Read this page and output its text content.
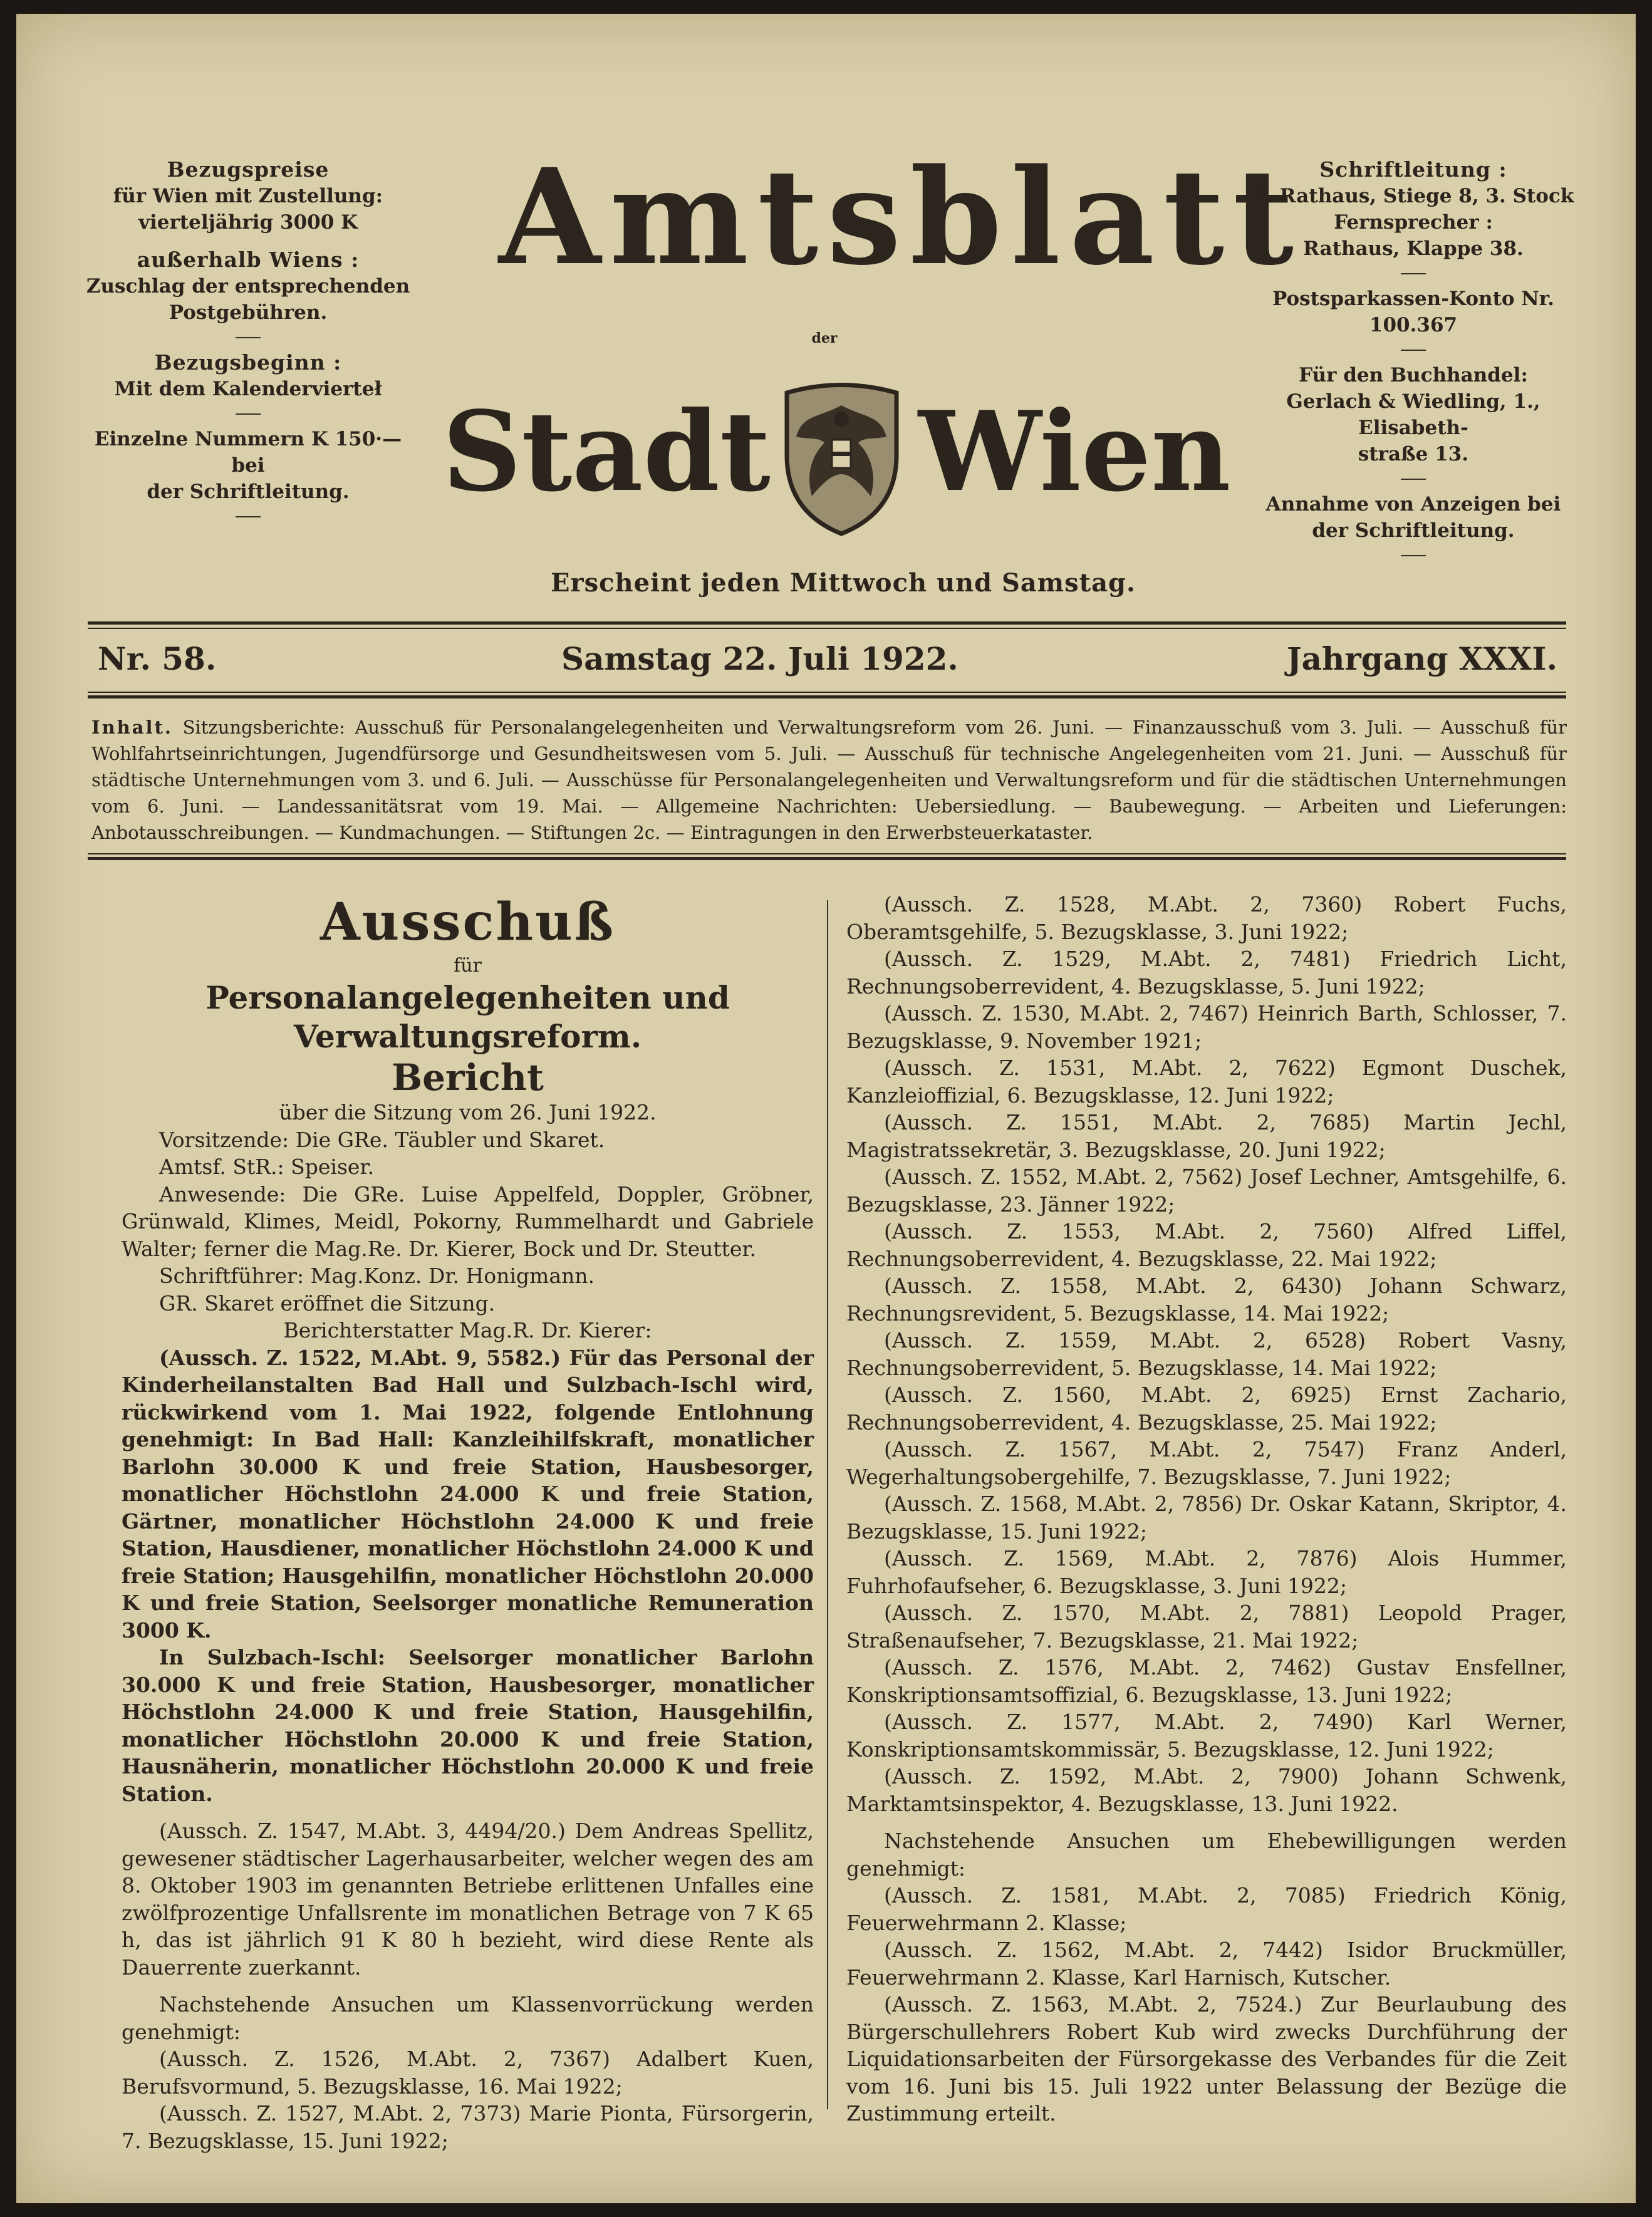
Bezugspreise
für Wien mit Zustellung:
vierteljährig 3000 K
außerhalb Wiens :
Zuschlag der entsprechenden
Postgebühren.
Bezugsbeginn :
Mit dem Kalendervierteł
Einzelne Nummern K 150·— bei
der Schriftleitung.
Amtsblatt
der
Stadt Wien
Erscheint jeden Mittwoch und Samstag.
Schriftleitung :
1. Rathaus, Stiege 8, 3. Stock
Fernsprecher :
Rathaus, Klappe 38.
Postsparkassen-Konto Nr. 100.367
Für den Buchhandel:
Gerlach & Wiedling, 1., Elisabeth-
straße 13.
Annahme von Anzeigen bei
der Schriftleitung.
Nr. 58.	Samstag 22. Juli 1922.	Jahrgang XXXI.
Inhalt. Sitzungsberichte: Ausschuß für Personalangelegenheiten und Verwaltungsreform vom 26. Juni. — Finanzausschuß vom 3. Juli. — Ausschuß für Wohlfahrtseinrichtungen, Jugendfürsorge und Gesundheitswesen vom 5. Juli. — Ausschuß für technische Angelegenheiten vom 21. Juni. — Ausschuß für städtische Unternehmungen vom 3. und 6. Juli. — Ausschüsse für Personalangelegenheiten und Verwaltungsreform und für die städtischen Unternehmungen vom 6. Juni. — Landessanitätsrat vom 19. Mai. — Allgemeine Nachrichten: Uebersiedlung. — Baubewegung. — Arbeiten und Lieferungen: Anbotausschreibungen. — Kundmachungen. — Stiftungen 2c. — Eintragungen in den Erwerbsteuerkataster.
Ausschuß
für
Personalangelegenheiten und Verwaltungsreform.
Bericht

über die Sitzung vom 26. Juni 1922.

Vorsitzende: Die GRe. Täubler und Skaret.

Amtsf. StR.: Speiser.

Anwesende: Die GRe. Luise Appelfeld, Doppler, Gröbner, Grünwald, Klimes, Meidl, Pokorny, Rummelhardt und Gabriele Walter; ferner die Mag.Re. Dr. Kierer, Bock und Dr. Steutter.

Schriftführer: Mag.Konz. Dr. Honigmann.

GR. Skaret eröffnet die Sitzung.

Berichterstatter Mag.R. Dr. Kierer:

(Aussch. Z. 1522, M.Abt. 9, 5582.) Für das Personal der Kinderheilanstalten Bad Hall und Sulzbach-Ischl wird, rückwirkend vom 1. Mai 1922, folgende Entlohnung genehmigt: In Bad Hall: Kanzleihilfskraft, monatlicher Barlohn 30.000 K und freie Station, Hausbesorger, monatlicher Höchstlohn 24.000 K und freie Station, Gärtner, monatlicher Höchstlohn 24.000 K und freie Station, Hausdiener, monatlicher Höchstlohn 24.000 K und freie Station; Hausgehilfin, monatlicher Höchstlohn 20.000 K und freie Station, Seelsorger monatliche Remuneration 3000 K.

In Sulzbach-Ischl: Seelsorger monatlicher Barlohn 30.000 K und freie Station, Hausbesorger, monatlicher Höchstlohn 24.000 K und freie Station, Hausgehilfin, monatlicher Höchstlohn 20.000 K und freie Station, Hausnäherin, monatlicher Höchstlohn 20.000 K und freie Station.

(Aussch. Z. 1547, M.Abt. 3, 4494/20.) Dem Andreas Spellitz, gewesener städtischer Lagerhausarbeiter, welcher wegen des am 8. Oktober 1903 im genannten Betriebe erlittenen Unfalles eine zwölfprozentige Unfallsrente im monatlichen Betrage von 7 K 65 h, das ist jährlich 91 K 80 h bezieht, wird diese Rente als Dauerrente zuerkannt.

Nachstehende Ansuchen um Klassenvorrückung werden genehmigt:

(Aussch. Z. 1526, M.Abt. 2, 7367) Adalbert Kuen, Berufsvormund, 5. Bezugsklasse, 16. Mai 1922;

(Aussch. Z. 1527, M.Abt. 2, 7373) Marie Pionta, Fürsorgerin, 7. Bezugsklasse, 15. Juni 1922;

(Aussch. Z. 1528, M.Abt. 2, 7360) Robert Fuchs, Oberamtsgehilfe, 5. Bezugsklasse, 3. Juni 1922;

(Aussch. Z. 1529, M.Abt. 2, 7481) Friedrich Licht, Rechnungsoberrevident, 4. Bezugsklasse, 5. Juni 1922;

(Aussch. Z. 1530, M.Abt. 2, 7467) Heinrich Barth, Schlosser, 7. Bezugsklasse, 9. November 1921;

(Aussch. Z. 1531, M.Abt. 2, 7622) Egmont Duschek, Kanzleioffizial, 6. Bezugsklasse, 12. Juni 1922;

(Aussch. Z. 1551, M.Abt. 2, 7685) Martin Jechl, Magistratssekretär, 3. Bezugsklasse, 20. Juni 1922;

(Aussch. Z. 1552, M.Abt. 2, 7562) Josef Lechner, Amtsgehilfe, 6. Bezugsklasse, 23. Jänner 1922;

(Aussch. Z. 1553, M.Abt. 2, 7560) Alfred Liffel, Rechnungsoberrevident, 4. Bezugsklasse, 22. Mai 1922;

(Aussch. Z. 1558, M.Abt. 2, 6430) Johann Schwarz, Rechnungsrevident, 5. Bezugsklasse, 14. Mai 1922;

(Aussch. Z. 1559, M.Abt. 2, 6528) Robert Vasny, Rechnungsoberrevident, 5. Bezugsklasse, 14. Mai 1922;

(Aussch. Z. 1560, M.Abt. 2, 6925) Ernst Zachario, Rechnungsoberrevident, 4. Bezugsklasse, 25. Mai 1922;

(Aussch. Z. 1567, M.Abt. 2, 7547) Franz Anderl, Wegerhaltungsobergehilfe, 7. Bezugsklasse, 7. Juni 1922;

(Aussch. Z. 1568, M.Abt. 2, 7856) Dr. Oskar Katann, Skriptor, 4. Bezugsklasse, 15. Juni 1922;

(Aussch. Z. 1569, M.Abt. 2, 7876) Alois Hummer, Fuhrhofaufseher, 6. Bezugsklasse, 3. Juni 1922;

(Aussch. Z. 1570, M.Abt. 2, 7881) Leopold Prager, Straßenaufseher, 7. Bezugsklasse, 21. Mai 1922;

(Aussch. Z. 1576, M.Abt. 2, 7462) Gustav Ensfellner, Konskriptionsamtsoffizial, 6. Bezugsklasse, 13. Juni 1922;

(Aussch. Z. 1577, M.Abt. 2, 7490) Karl Werner, Konskriptionsamtskommissär, 5. Bezugsklasse, 12. Juni 1922;

(Aussch. Z. 1592, M.Abt. 2, 7900) Johann Schwenk, Marktamtsinspektor, 4. Bezugsklasse, 13. Juni 1922.

Nachstehende Ansuchen um Ehebewilligungen werden genehmigt:

(Aussch. Z. 1581, M.Abt. 2, 7085) Friedrich König, Feuerwehrmann 2. Klasse;

(Aussch. Z. 1562, M.Abt. 2, 7442) Isidor Bruckmüller, Feuerwehrmann 2. Klasse, Karl Harnisch, Kutscher.

(Aussch. Z. 1563, M.Abt. 2, 7524.) Zur Beurlaubung des Bürgerschullehrers Robert Kub wird zwecks Durchführung der Liquidationsarbeiten der Fürsorgekasse des Verbandes für die Zeit vom 16. Juni bis 15. Juli 1922 unter Belassung der Bezüge die Zustimmung erteilt.
